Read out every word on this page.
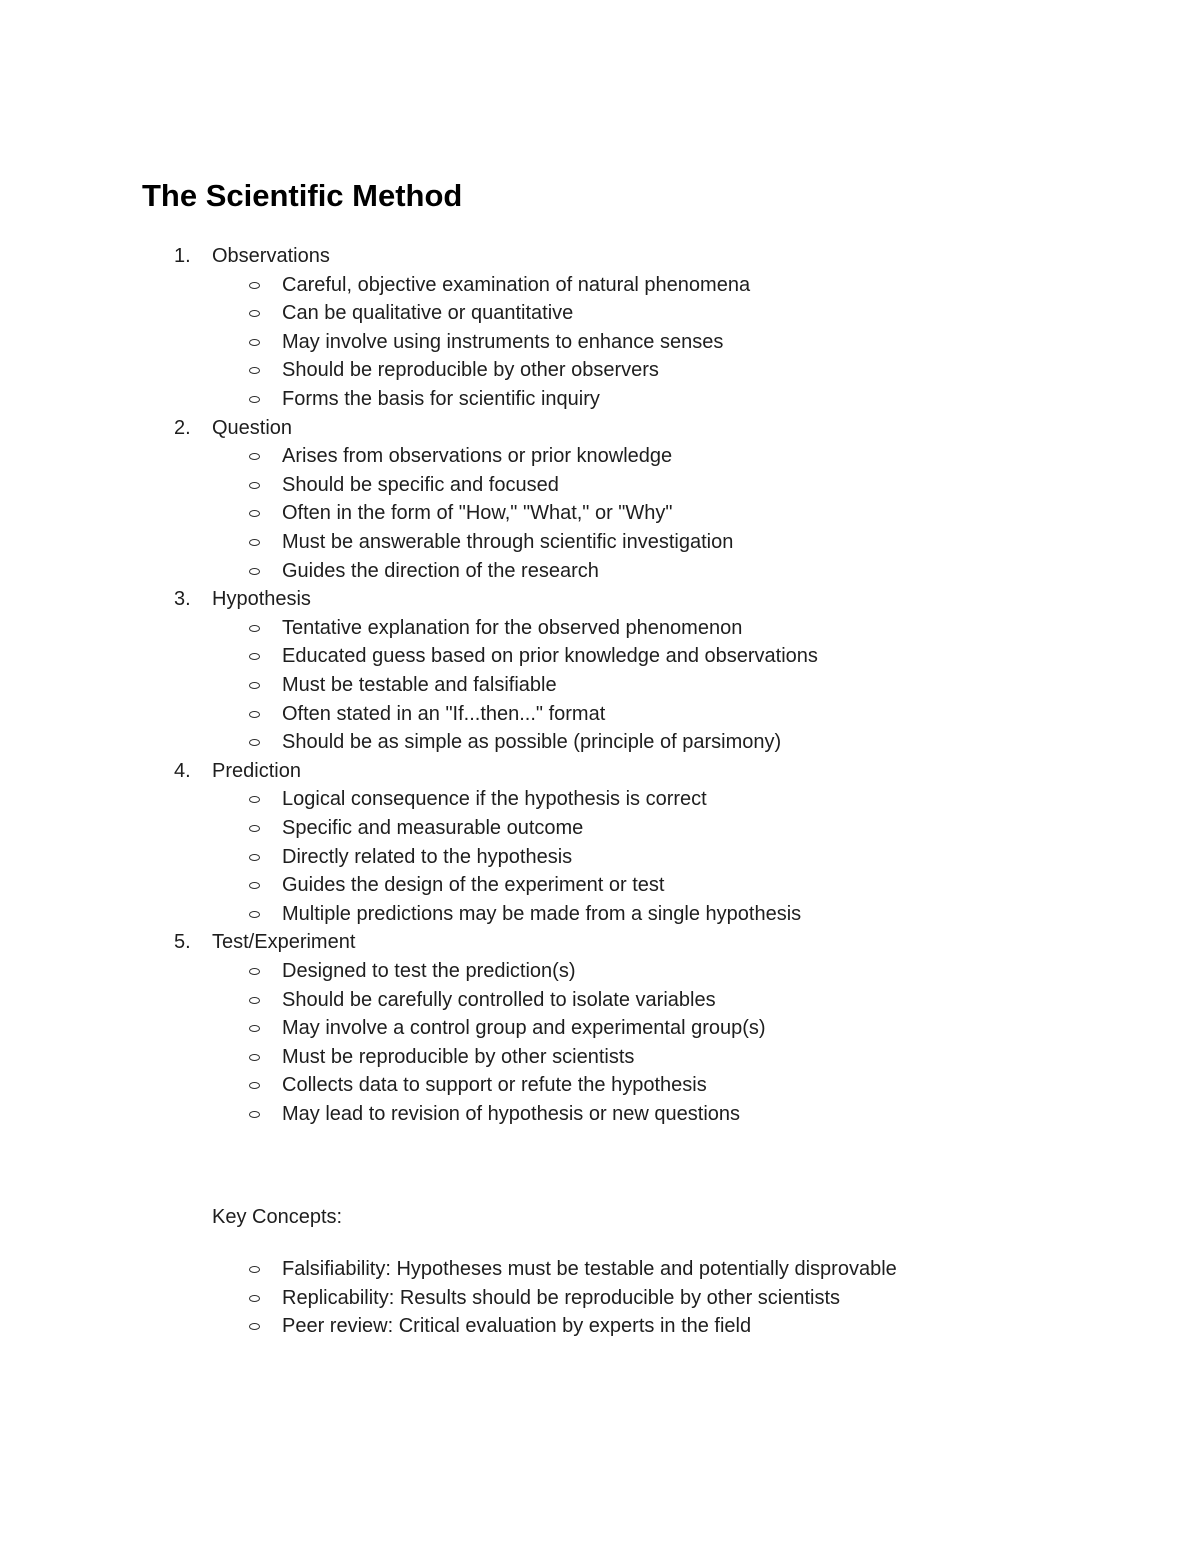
The Scientific Method
1.	Observations
Careful, objective examination of natural phenomena
Can be qualitative or quantitative
May involve using instruments to enhance senses
Should be reproducible by other observers
Forms the basis for scientific inquiry
2.	Question
Arises from observations or prior knowledge
Should be specific and focused
Often in the form of "How," "What," or "Why"
Must be answerable through scientific investigation
Guides the direction of the research
3.	Hypothesis
Tentative explanation for the observed phenomenon
Educated guess based on prior knowledge and observations
Must be testable and falsifiable
Often stated in an "If...then..." format
Should be as simple as possible (principle of parsimony)
4.	Prediction
Logical consequence if the hypothesis is correct
Specific and measurable outcome
Directly related to the hypothesis
Guides the design of the experiment or test
Multiple predictions may be made from a single hypothesis
5.	Test/Experiment
Designed to test the prediction(s)
Should be carefully controlled to isolate variables
May involve a control group and experimental group(s)
Must be reproducible by other scientists
Collects data to support or refute the hypothesis
May lead to revision of hypothesis or new questions
Key Concepts:
Falsifiability: Hypotheses must be testable and potentially disprovable
Replicability: Results should be reproducible by other scientists
Peer review: Critical evaluation by experts in the field
